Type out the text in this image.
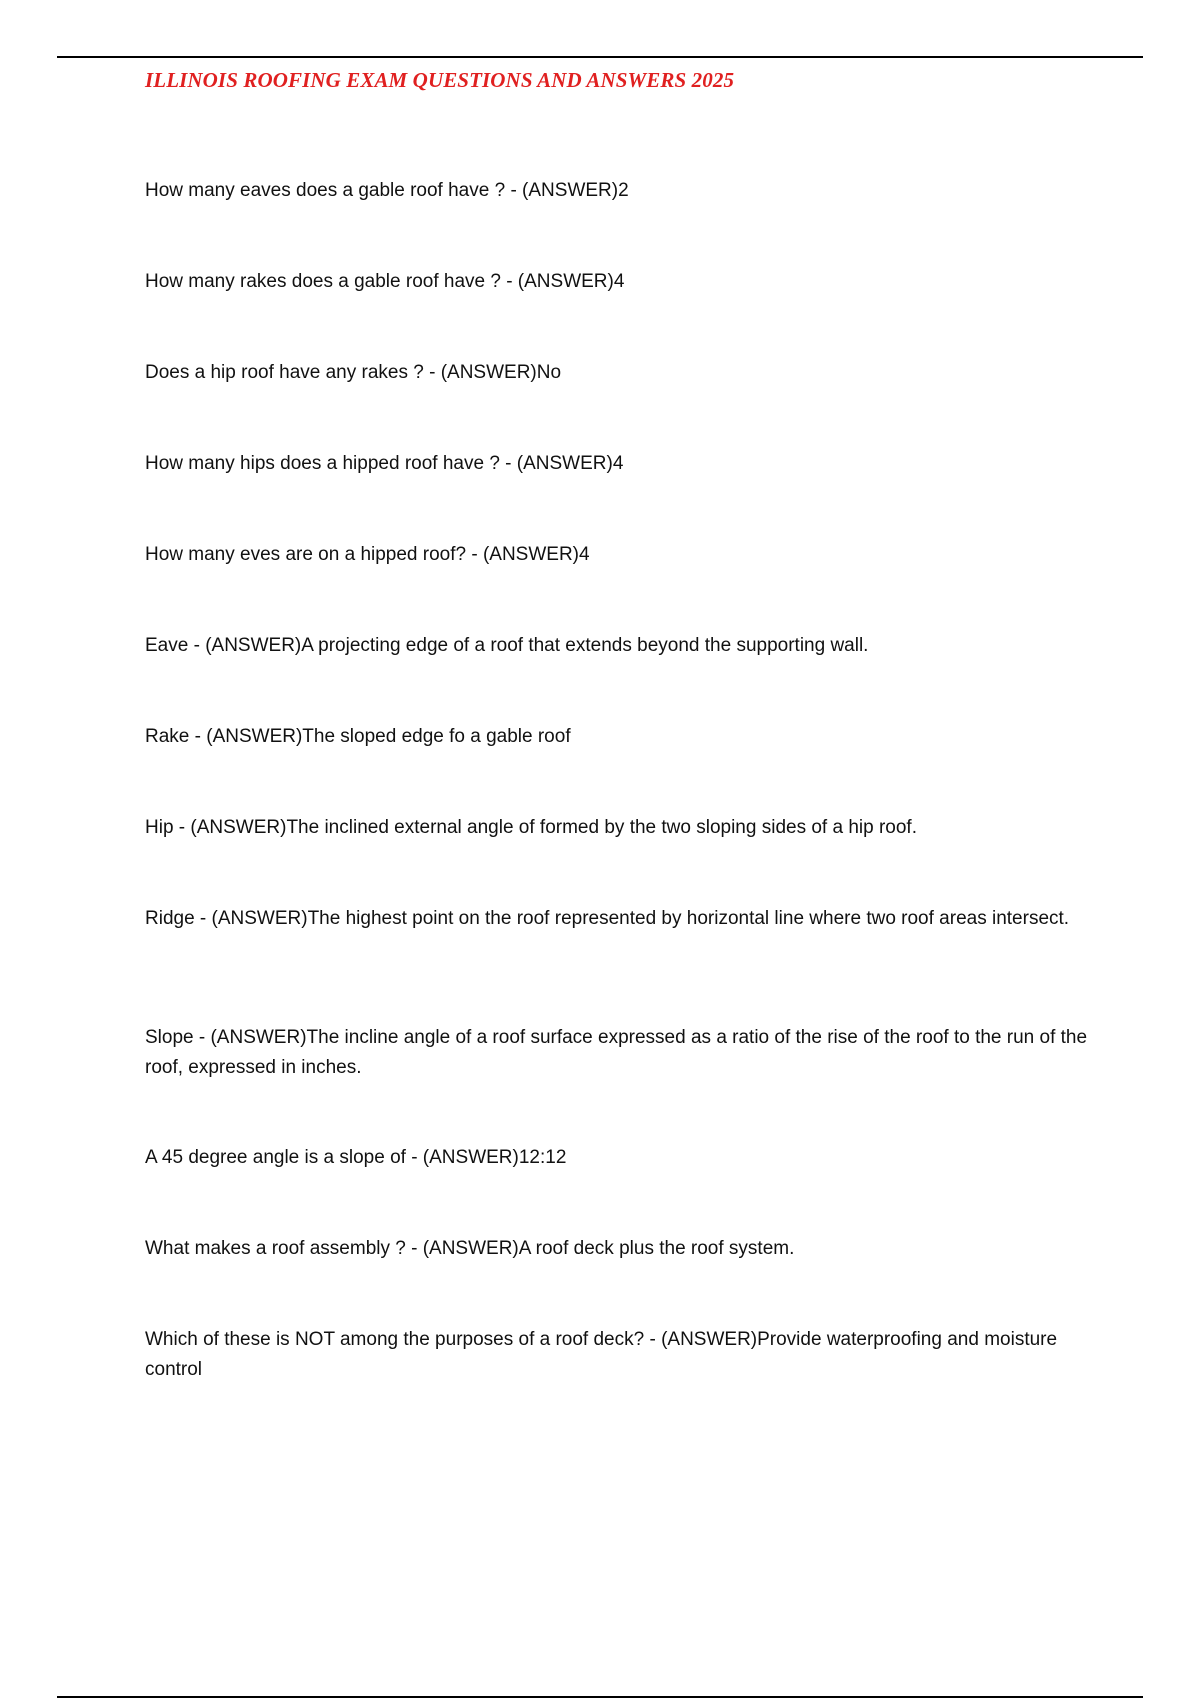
ILLINOIS ROOFING EXAM QUESTIONS AND ANSWERS 2025
How many eaves does a gable roof have ? - (ANSWER)2
How many rakes does a gable roof have ? - (ANSWER)4
Does a hip roof have any rakes ? - (ANSWER)No
How many hips does a hipped roof have ? - (ANSWER)4
How many eves are on a hipped roof? - (ANSWER)4
Eave - (ANSWER)A projecting edge of a roof that extends beyond the supporting wall.
Rake - (ANSWER)The sloped edge fo a gable roof
Hip - (ANSWER)The inclined external angle of formed by the two sloping sides of a hip roof.
Ridge - (ANSWER)The highest point on the roof represented by horizontal line where two roof areas intersect.
Slope - (ANSWER)The incline angle of a roof surface expressed as a ratio of the rise of the roof to the run of the roof, expressed in inches.
A 45 degree angle is a slope of - (ANSWER)12:12
What makes a roof assembly ? - (ANSWER)A roof deck plus the roof system.
Which of these is NOT among the purposes of a roof deck? - (ANSWER)Provide waterproofing and moisture control
